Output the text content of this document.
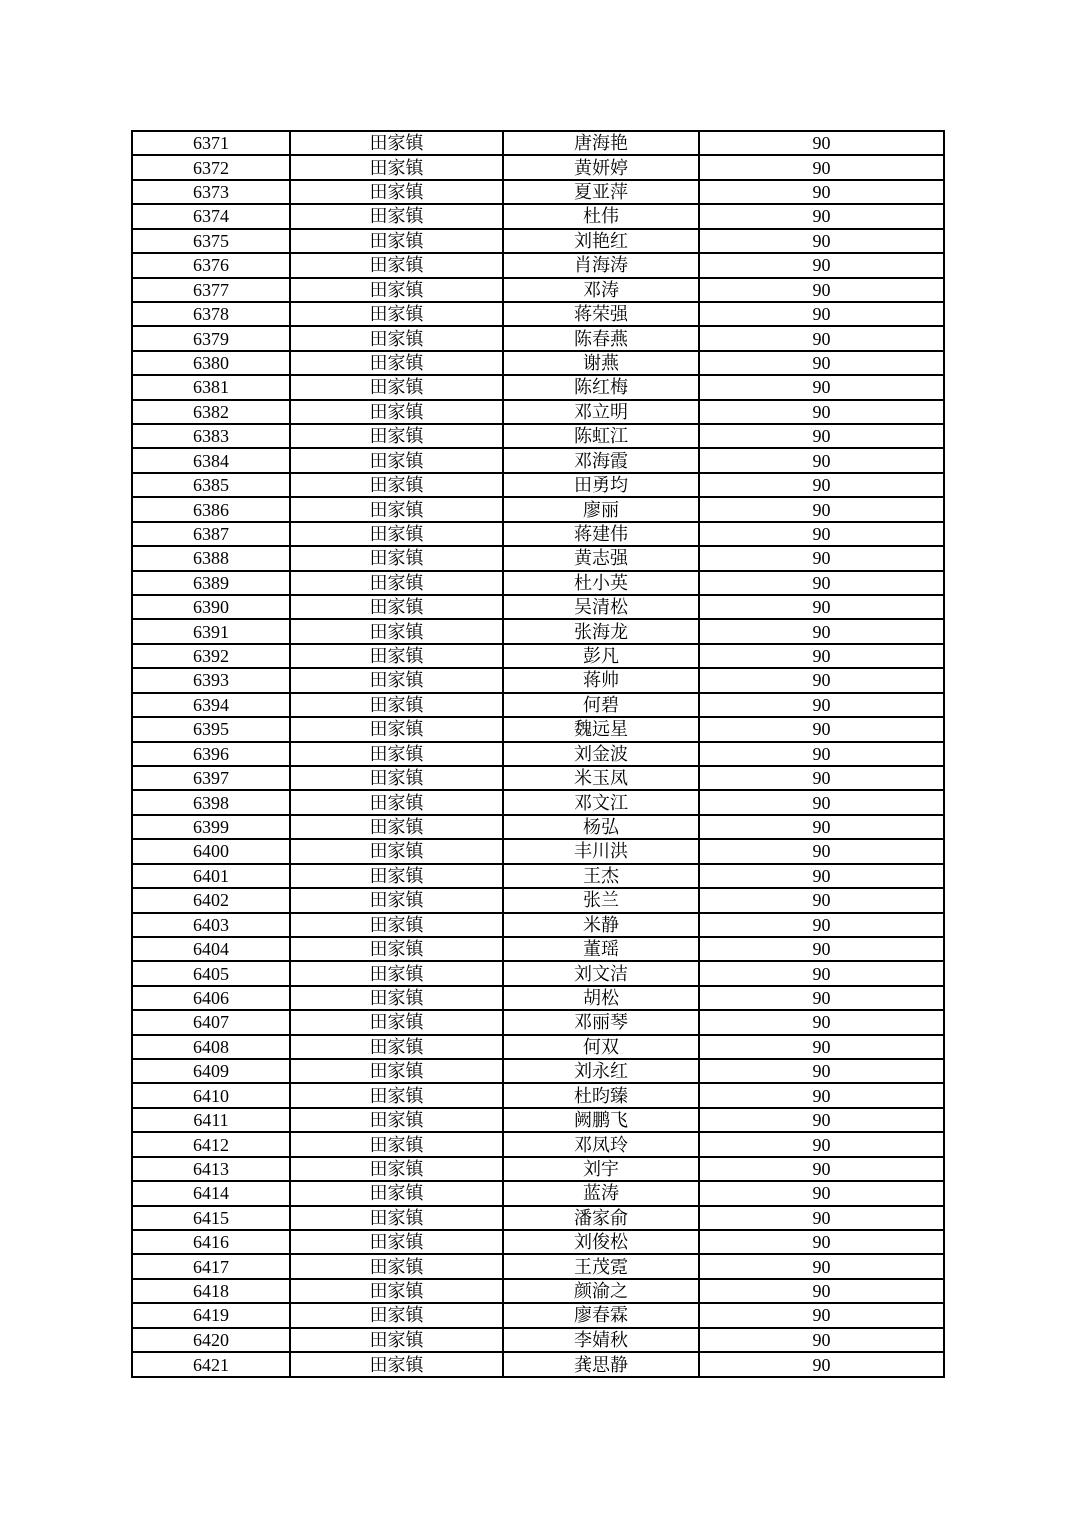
6371	田家镇	唐海艳	90
6372	田家镇	黄妍婷	90
6373	田家镇	夏亚萍	90
6374	田家镇	杜伟	90
6375	田家镇	刘艳红	90
6376	田家镇	肖海涛	90
6377	田家镇	邓涛	90
6378	田家镇	蒋荣强	90
6379	田家镇	陈春燕	90
6380	田家镇	谢燕	90
6381	田家镇	陈红梅	90
6382	田家镇	邓立明	90
6383	田家镇	陈虹江	90
6384	田家镇	邓海霞	90
6385	田家镇	田勇均	90
6386	田家镇	廖丽	90
6387	田家镇	蒋建伟	90
6388	田家镇	黄志强	90
6389	田家镇	杜小英	90
6390	田家镇	吴清松	90
6391	田家镇	张海龙	90
6392	田家镇	彭凡	90
6393	田家镇	蒋帅	90
6394	田家镇	何碧	90
6395	田家镇	魏远星	90
6396	田家镇	刘金波	90
6397	田家镇	米玉凤	90
6398	田家镇	邓文江	90
6399	田家镇	杨弘	90
6400	田家镇	丰川洪	90
6401	田家镇	王杰	90
6402	田家镇	张兰	90
6403	田家镇	米静	90
6404	田家镇	董瑶	90
6405	田家镇	刘文洁	90
6406	田家镇	胡松	90
6407	田家镇	邓丽琴	90
6408	田家镇	何双	90
6409	田家镇	刘永红	90
6410	田家镇	杜昀臻	90
6411	田家镇	阙鹏飞	90
6412	田家镇	邓凤玲	90
6413	田家镇	刘宇	90
6414	田家镇	蓝涛	90
6415	田家镇	潘家俞	90
6416	田家镇	刘俊松	90
6417	田家镇	王茂霓	90
6418	田家镇	颜渝之	90
6419	田家镇	廖春霖	90
6420	田家镇	李婧秋	90
6421	田家镇	龚思静	90
